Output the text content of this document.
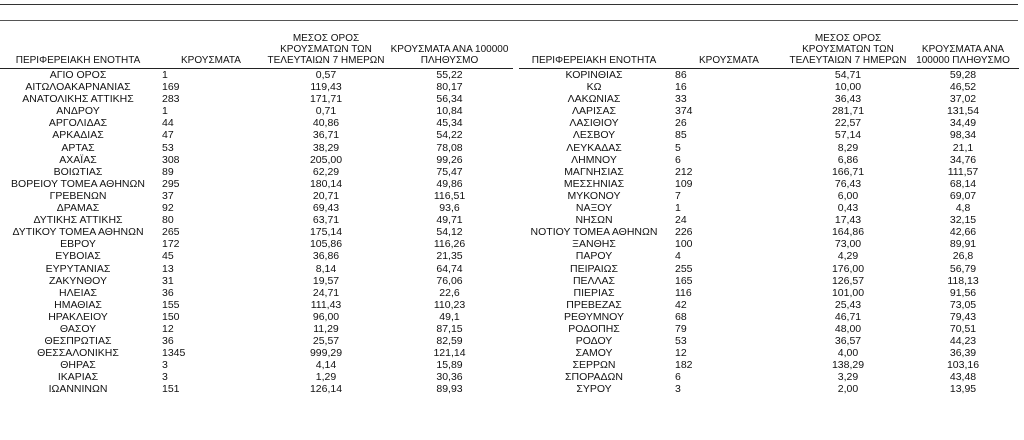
ΠΕΡΙΦΕΡΕΙΑΚΗ ΕΝΟΤΗΤΑ	ΚΡΟΥΣΜΑΤΑ	ΜΕΣΟΣ ΟΡΟΣ ΚΡΟΥΣΜΑΤΩΝ ΤΩΝ ΤΕΛΕΥΤΑΙΩΝ 7 ΗΜΕΡΩΝ	ΚΡΟΥΣΜΑΤΑ ΑΝΑ 100000 ΠΛΗΘΥΣΜΟ
ΑΓΙΟ ΟΡΟΣ	1	0,57	55,22
ΑΙΤΩΛΟΑΚΑΡΝΑΝΙΑΣ	169	119,43	80,17
ΑΝΑΤΟΛΙΚΗΣ ΑΤΤΙΚΗΣ	283	171,71	56,34
ΑΝΔΡΟΥ	1	0,71	10,84
ΑΡΓΟΛΙΔΑΣ	44	40,86	45,34
ΑΡΚΑΔΙΑΣ	47	36,71	54,22
ΑΡΤΑΣ	53	38,29	78,08
ΑΧΑΪΑΣ	308	205,00	99,26
ΒΟΙΩΤΙΑΣ	89	62,29	75,47
ΒΟΡΕΙΟΥ ΤΟΜΕΑ ΑΘΗΝΩΝ	295	180,14	49,86
ΓΡΕΒΕΝΩΝ	37	20,71	116,51
ΔΡΑΜΑΣ	92	69,43	93,6
ΔΥΤΙΚΗΣ ΑΤΤΙΚΗΣ	80	63,71	49,71
ΔΥΤΙΚΟΥ ΤΟΜΕΑ ΑΘΗΝΩΝ	265	175,14	54,12
ΕΒΡΟΥ	172	105,86	116,26
ΕΥΒΟΙΑΣ	45	36,86	21,35
ΕΥΡΥΤΑΝΙΑΣ	13	8,14	64,74
ΖΑΚΥΝΘΟΥ	31	19,57	76,06
ΗΛΕΙΑΣ	36	24,71	22,6
ΗΜΑΘΙΑΣ	155	111,43	110,23
ΗΡΑΚΛΕΙΟΥ	150	96,00	49,1
ΘΑΣΟΥ	12	11,29	87,15
ΘΕΣΠΡΩΤΙΑΣ	36	25,57	82,59
ΘΕΣΣΑΛΟΝΙΚΗΣ	1345	999,29	121,14
ΘΗΡΑΣ	3	4,14	15,89
ΙΚΑΡΙΑΣ	3	1,29	30,36
ΙΩΑΝΝΙΝΩΝ	151	126,14	89,93
ΠΕΡΙΦΕΡΕΙΑΚΗ ΕΝΟΤΗΤΑ	ΚΡΟΥΣΜΑΤΑ	ΜΕΣΟΣ ΟΡΟΣ ΚΡΟΥΣΜΑΤΩΝ ΤΩΝ ΤΕΛΕΥΤΑΙΩΝ 7 ΗΜΕΡΩΝ	ΚΡΟΥΣΜΑΤΑ ΑΝΑ 100000 ΠΛΗΘΥΣΜΟ
ΚΟΡΙΝΘΙΑΣ	86	54,71	59,28
ΚΩ	16	10,00	46,52
ΛΑΚΩΝΙΑΣ	33	36,43	37,02
ΛΑΡΙΣΑΣ	374	281,71	131,54
ΛΑΣΙΘΙΟΥ	26	22,57	34,49
ΛΕΣΒΟΥ	85	57,14	98,34
ΛΕΥΚΑΔΑΣ	5	8,29	21,1
ΛΗΜΝΟΥ	6	6,86	34,76
ΜΑΓΝΗΣΙΑΣ	212	166,71	111,57
ΜΕΣΣΗΝΙΑΣ	109	76,43	68,14
ΜΥΚΟΝΟΥ	7	6,00	69,07
ΝΑΞΟΥ	1	0,43	4,8
ΝΗΣΩΝ	24	17,43	32,15
ΝΟΤΙΟΥ ΤΟΜΕΑ ΑΘΗΝΩΝ	226	164,86	42,66
ΞΑΝΘΗΣ	100	73,00	89,91
ΠΑΡΟΥ	4	4,29	26,8
ΠΕΙΡΑΙΩΣ	255	176,00	56,79
ΠΕΛΛΑΣ	165	126,57	118,13
ΠΙΕΡΙΑΣ	116	101,00	91,56
ΠΡΕΒΕΖΑΣ	42	25,43	73,05
ΡΕΘΥΜΝΟΥ	68	46,71	79,43
ΡΟΔΟΠΗΣ	79	48,00	70,51
ΡΟΔΟΥ	53	36,57	44,23
ΣΑΜΟΥ	12	4,00	36,39
ΣΕΡΡΩΝ	182	138,29	103,16
ΣΠΟΡΑΔΩΝ	6	3,29	43,48
ΣΥΡΟΥ	3	2,00	13,95
